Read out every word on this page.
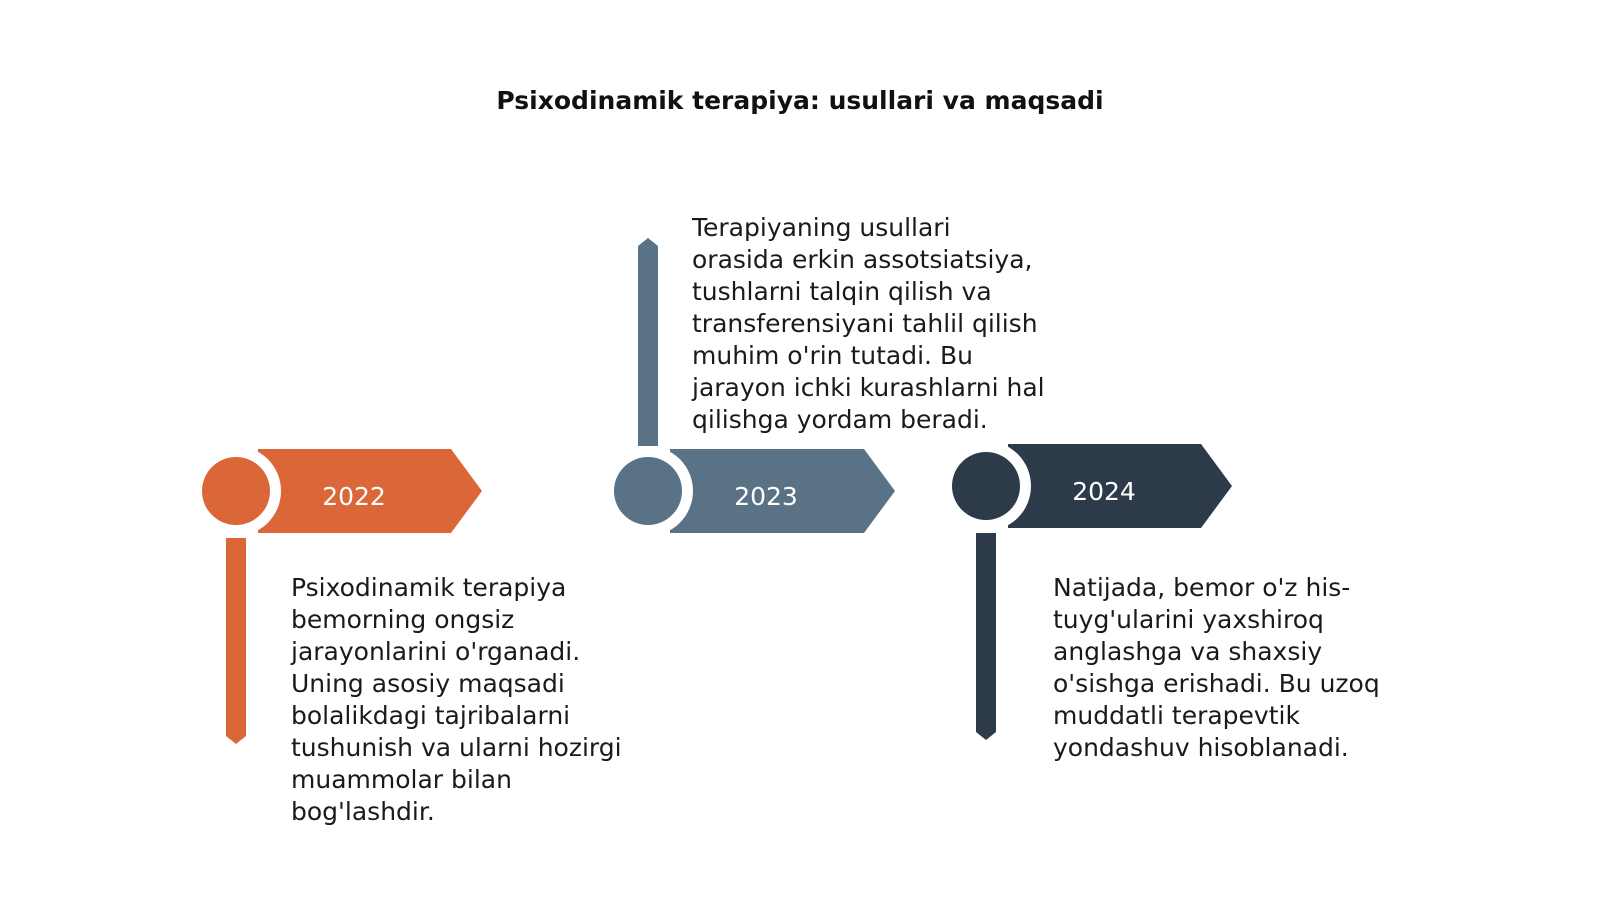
Psixodinamik terapiya: usullari va maqsadi
2022	2023	2024
Psixodinamik terapiya
bemorning ongsiz
jarayonlarini o'rganadi.
Uning asosiy maqsadi
bolalikdagi tajribalarni
tushunish va ularni hozirgi
muammolar bilan
bog'lashdir.
Terapiyaning usullari
orasida erkin assotsiatsiya,
tushlarni talqin qilish va
transferensiyani tahlil qilish
muhim o'rin tutadi. Bu
jarayon ichki kurashlarni hal
qilishga yordam beradi.
Natijada, bemor o'z his-
tuyg'ularini yaxshiroq
anglashga va shaxsiy
o'sishga erishadi. Bu uzoq
muddatli terapevtik
yondashuv hisoblanadi.
